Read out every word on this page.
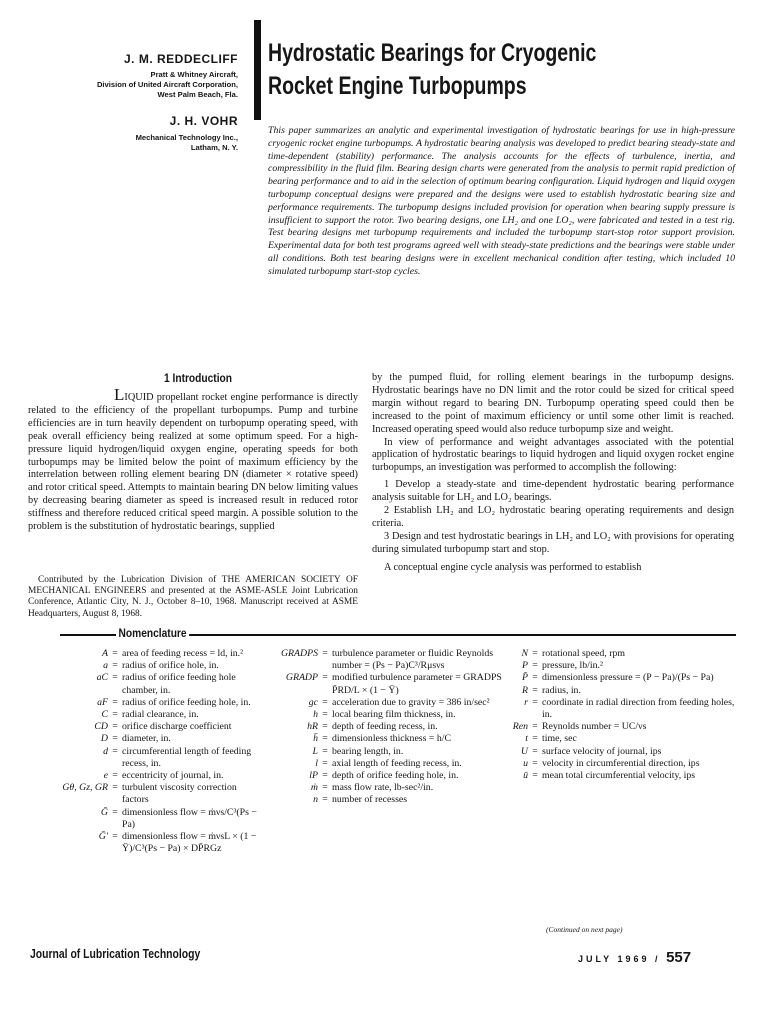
J. M. REDDECLIFF
Pratt & Whitney Aircraft,
Division of United Aircraft Corporation,
West Palm Beach, Fla.
J. H. VOHR
Mechanical Technology Inc.,
Latham, N. Y.
Hydrostatic Bearings for Cryogenic
Rocket Engine Turbopumps
This paper summarizes an analytic and experimental investigation of hydrostatic bearings for use in high-pressure cryogenic rocket engine turbopumps. A hydrostatic bearing analysis was developed to predict bearing steady-state and time-dependent (stability) performance. The analysis accounts for the effects of turbulence, inertia, and compressibility in the fluid film. Bearing design charts were generated from the analysis to permit rapid prediction of bearing performance and to aid in the selection of optimum bearing configuration. Liquid hydrogen and liquid oxygen turbopump conceptual designs were prepared and the designs were used to establish hydrostatic bearing size and performance requirements. The turbopump designs included provision for operation when bearing supply pressure is insufficient to support the rotor. Two bearing designs, one LH₂ and one LO₂, were fabricated and tested in a test rig. Test bearing designs met turbopump requirements and included the turbopump start-stop rotor support provision. Experimental data for both test programs agreed well with steady-state predictions and the bearings were stable under all conditions. Both test bearing designs were in excellent mechanical condition after testing, which included 10 simulated turbopump start-stop cycles.
1 Introduction

LIQUID propellant rocket engine performance is directly related to the efficiency of the propellant turbopumps. Pump and turbine efficiencies are in turn heavily dependent on turbopump operating speed, with peak overall efficiency being realized at some optimum speed. For a high-pressure liquid hydrogen/liquid oxygen engine, operating speeds for both turbopumps may be limited below the point of maximum efficiency by the interrelation between rolling element bearing DN (diameter × rotative speed) and rotor critical speed. Attempts to maintain bearing DN below limiting values by decreasing bearing diameter as speed is increased result in reduced rotor stiffness and therefore reduced critical speed margin. A possible solution to the problem is the substitution of hydrostatic bearings, supplied

Contributed by the Lubrication Division of THE AMERICAN SOCIETY OF MECHANICAL ENGINEERS and presented at the ASME-ASLE Joint Lubrication Conference, Atlantic City, N. J., October 8–10, 1968. Manuscript received at ASME Headquarters, August 8, 1968.

by the pumped fluid, for rolling element bearings in the turbopump designs. Hydrostatic bearings have no DN limit and the rotor could be sized for critical speed margin without regard to bearing DN. Turbopump operating speed could then be increased to the point of maximum efficiency or until some other limit is reached. Increased operating speed would also reduce turbopump size and weight.

In view of performance and weight advantages associated with the potential application of hydrostatic bearings to liquid hydrogen and liquid oxygen rocket engine turbopumps, an investigation was performed to accomplish the following:

1 Develop a steady-state and time-dependent hydrostatic bearing performance analysis suitable for LH₂ and LO₂ bearings.

2 Establish LH₂ and LO₂ hydrostatic bearing operating requirements and design criteria.

3 Design and test hydrostatic bearings in LH₂ and LO₂ with provisions for operating during simulated turbopump start and stop.

A conceptual engine cycle analysis was performed to establish

Nomenclature
A = area of feeding recess = ld, in.²
a = radius of orifice hole, in.
aC = radius of orifice feeding hole chamber, in.
aF = radius of orifice feeding hole, in.
C = radial clearance, in.
CD = orifice discharge coefficient
D = diameter, in.
d = circumferential length of feeding recess, in.
e = eccentricity of journal, in.
Gθ, Gz, GR = turbulent viscosity correction factors
Ḡ = dimensionless flow = ṁνs/C³(Ps − Pa)
Ḡ′ = dimensionless flow = ṁνsL × (1 − Ȳ)/C³(Ps − Pa) × DP̄RGz
GRADPS = turbulence parameter or fluidic Reynolds number = (Ps − Pa)C³/Rμsνs
GRADP = modified turbulence parameter = GRADPS P̄RD/L × (1 − Ȳ)
gc = acceleration due to gravity = 386 in/sec²
h = local bearing film thickness, in.
hR = depth of feeding recess, in.
h̄ = dimensionless thickness = h/C
L = bearing length, in.
l = axial length of feeding recess, in.
lP = depth of orifice feeding hole, in.
ṁ = mass flow rate, lb-sec²/in.
n = number of recesses
N = rotational speed, rpm
P = pressure, lb/in.²
P̄ = dimensionless pressure = (P − Pa)/(Ps − Pa)
R = radius, in.
r = coordinate in radial direction from feeding holes, in.
Ren = Reynolds number = UC/νs
t = time, sec
U = surface velocity of journal, ips
u = velocity in circumferential direction, ips
ū = mean total circumferential velocity, ips
(Continued on next page)
Journal of Lubrication Technology	JULY 1969 / 557
